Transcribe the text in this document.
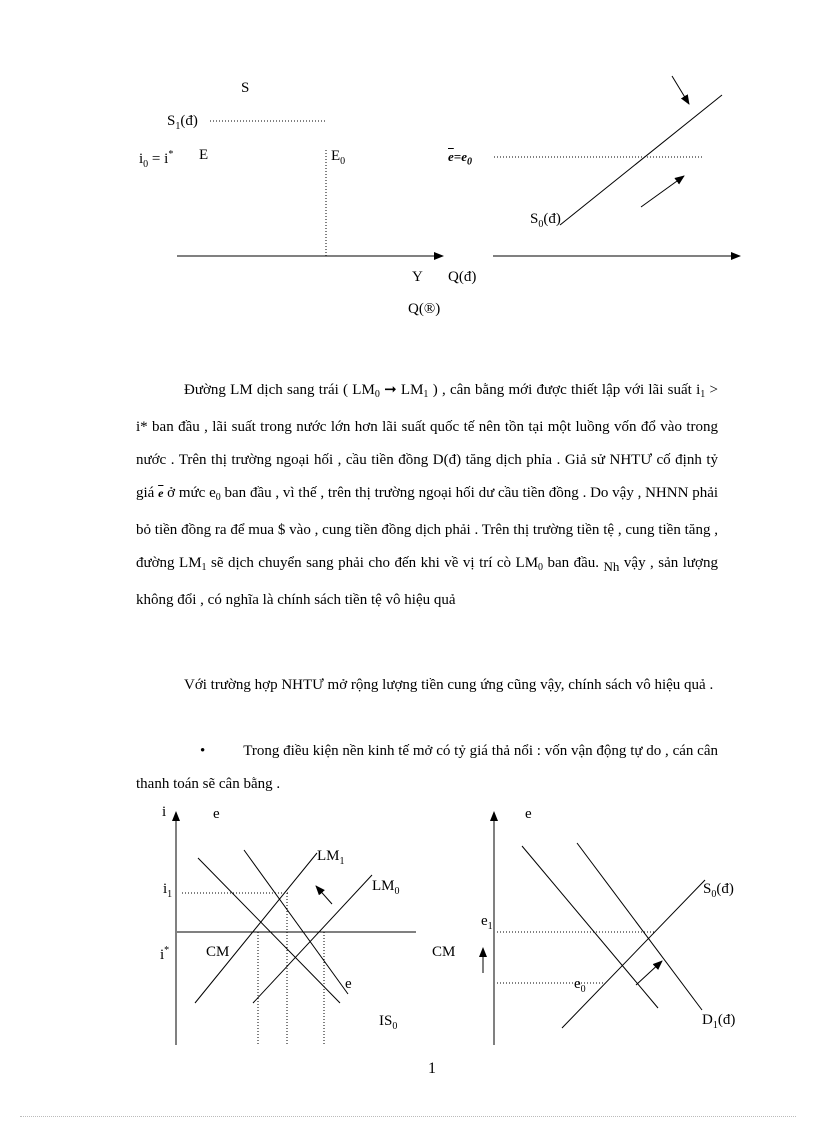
S
$S_1(đ)$
$i_0 = i^*$ E	$E_0$
Y
Q(®)
$\overline{e}=e_0$
$S_0(đ)$
Q(đ)
Đường LM dịch sang trái ( $LM_0$ ➞ $LM_1$ ) , cân bằng mới được thiết lập với lãi suất $i_1 > i*$ ban đầu , lãi suất trong nước lớn hơn lãi suất quốc tế nên tồn tại một luồng vốn đổ vào trong nước . Trên thị trường ngoại hối , cầu tiền đồng D(đ) tăng dịch phỉa . Giả sử NHTƯ cố định tỷ giá $\overline{e}$ ở mức $e_0$ ban đầu , vì thế , trên thị trường ngoại hối dư cầu tiền đồng . Do vậy , NHNN phải bỏ tiền đồng ra để mua $ vào , cung tiền đồng dịch phải . Trên thị trường tiền tệ , cung tiền tăng , đường $LM_1$ sẽ dịch chuyển sang phải cho đến khi về vị trí cò $LM_0$ ban đầu. Nh vậy , sản lượng không đổi , có nghĩa là chính sách tiền tệ vô hiệu quả
Với trường hợp NHTƯ mở rộng lượng tiền cung ứng cũng vậy, chính sách vô hiệu quả .
•	Trong điều kiện nền kinh tế mở có tỷ giá thả nổi : vốn vận động tự do , cán cân thanh toán sẽ cân bằng .
i	e
$LM_1$
$LM_0$
$i_1$
i* CM
e
$IS_0$
e
CM
$e_1$
$e_0$
$S_0(đ)$
$D_1(đ)$
1
